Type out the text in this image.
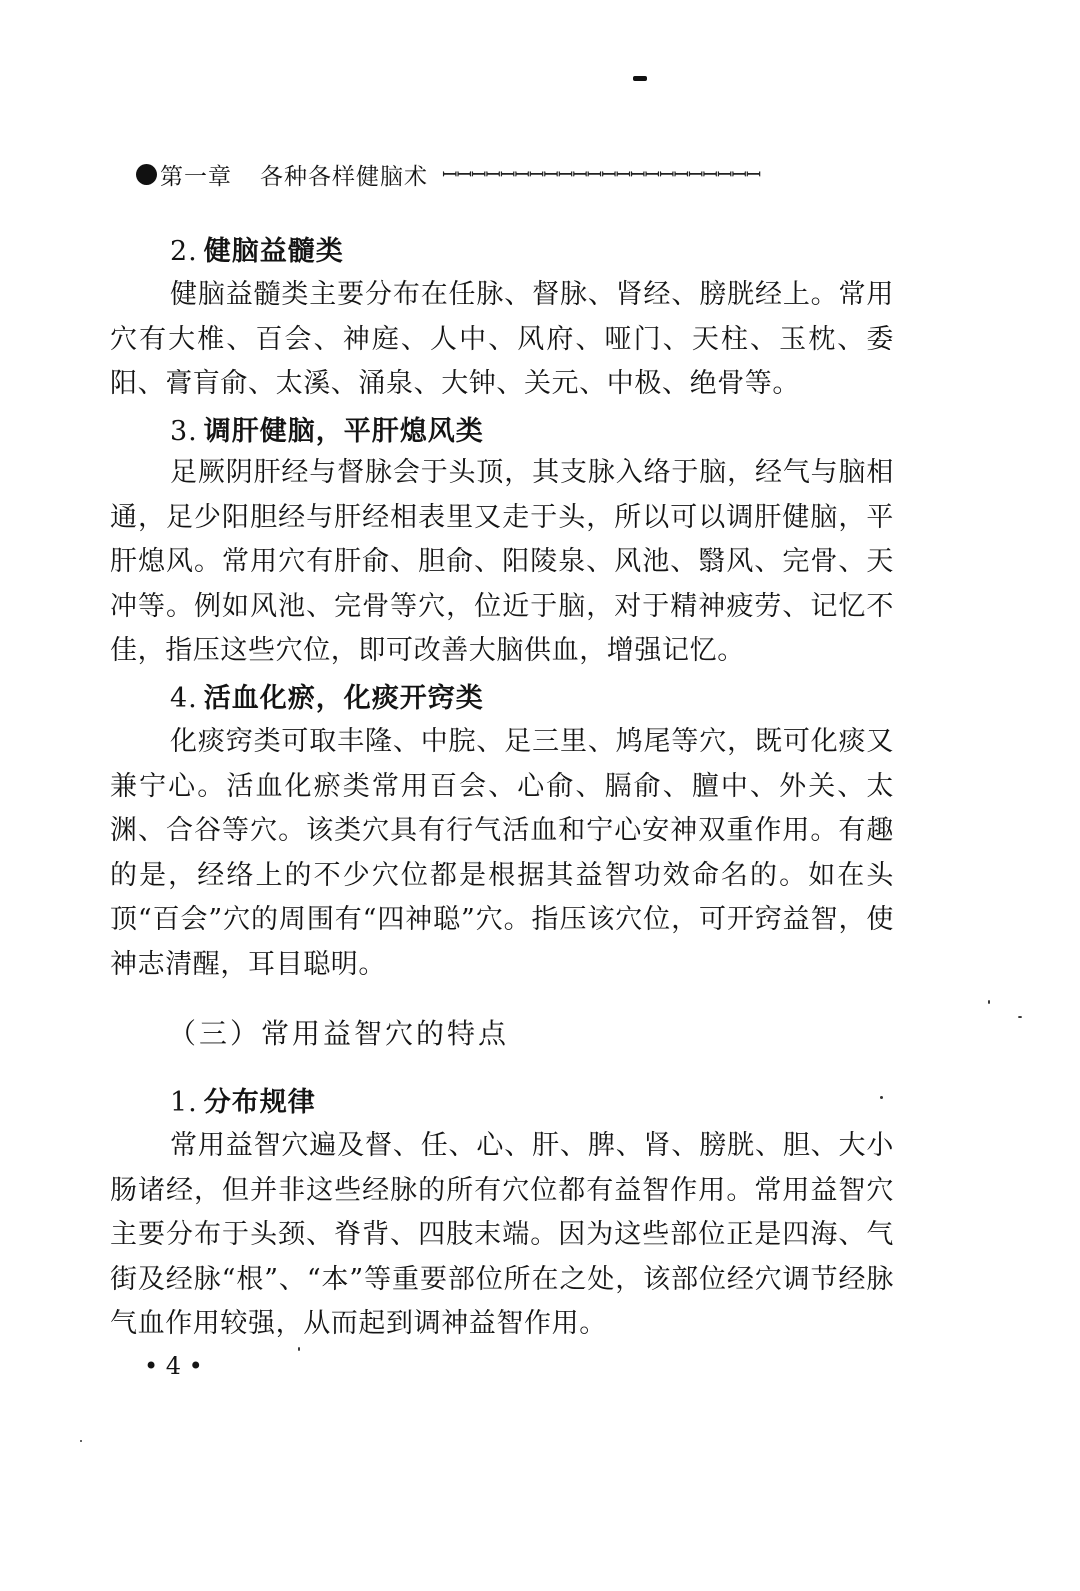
第一章 各种各样健脑术 ꟷꟷꟷꟷꟷꟷꟷꟷꟷꟷꟷꟷꟷꟷꟷꟷꟷꟷꟷꟷꟷꟷ
2. 健脑益髓类

健脑益髓类主要分布在任脉、督脉、肾经、膀胱经上。常用穴有大椎、百会、神庭、人中、风府、哑门、天柱、玉枕、委阳、膏肓俞、太溪、涌泉、大钟、关元、中极、绝骨等。

3. 调肝健脑，平肝熄风类

足厥阴肝经与督脉会于头顶，其支脉入络于脑，经气与脑相通，足少阳胆经与肝经相表里又走于头，所以可以调肝健脑，平肝熄风。常用穴有肝俞、胆俞、阳陵泉、风池、翳风、完骨、天冲等。例如风池、完骨等穴，位近于脑，对于精神疲劳、记忆不佳，指压这些穴位，即可改善大脑供血，增强记忆。

4. 活血化瘀，化痰开窍类

化痰窍类可取丰隆、中脘、足三里、鸠尾等穴，既可化痰又兼宁心。活血化瘀类常用百会、心俞、膈俞、膻中、外关、太渊、合谷等穴。该类穴具有行气活血和宁心安神双重作用。有趣的是，经络上的不少穴位都是根据其益智功效命名的。如在头顶“百会”穴的周围有“四神聪”穴。指压该穴位，可开窍益智，使神志清醒，耳目聪明。

（三）常用益智穴的特点
1. 分布规律

常用益智穴遍及督、任、心、肝、脾、肾、膀胱、胆、大小肠诸经，但并非这些经脉的所有穴位都有益智作用。常用益智穴主要分布于头颈、脊背、四肢末端。因为这些部位正是四海、气街及经脉“根”、“本”等重要部位所在之处，该部位经穴调节经脉气血作用较强，从而起到调神益智作用。

• 4 •
